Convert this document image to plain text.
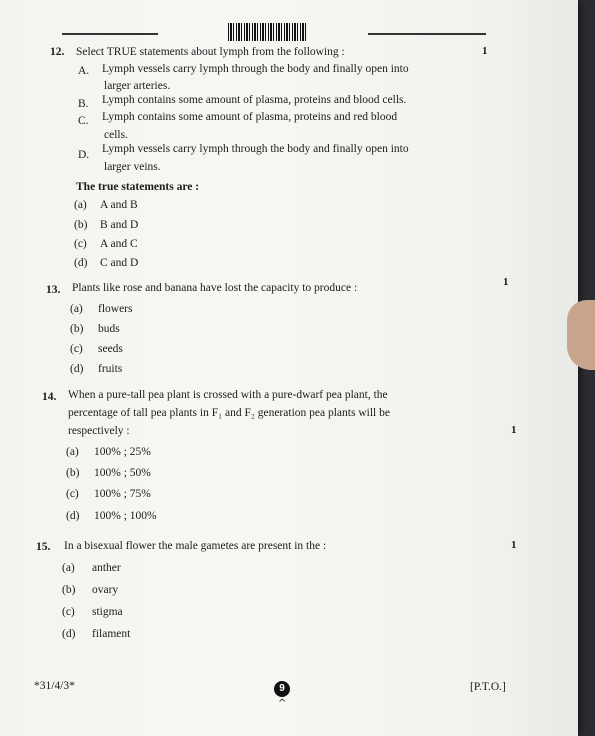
12. Select TRUE statements about lymph from the following :	1
A. Lymph vessels carry lymph through the body and finally open into
larger arteries.
B. Lymph contains some amount of plasma, proteins and blood cells.
C. Lymph contains some amount of plasma, proteins and red blood
cells.
D. Lymph vessels carry lymph through the body and finally open into
larger veins.
The true statements are :
(a) A and B
(b) B and D
(c) A and C
(d) C and D
13. Plants like rose and banana have lost the capacity to produce :	1
(a) flowers
(b) buds
(c) seeds
(d) fruits
14. When a pure-tall pea plant is crossed with a pure-dwarf pea plant, the
percentage of tall pea plants in F₁ and F₂ generation pea plants will be
respectively :	1
(a) 100% ; 25%
(b) 100% ; 50%
(c) 100% ; 75%
(d) 100% ; 100%
15. In a bisexual flower the male gametes are present in the :	1
(a) anther
(b) ovary
(c) stigma
(d) filament
*31/4/3*	9
^
[P.T.O.]
